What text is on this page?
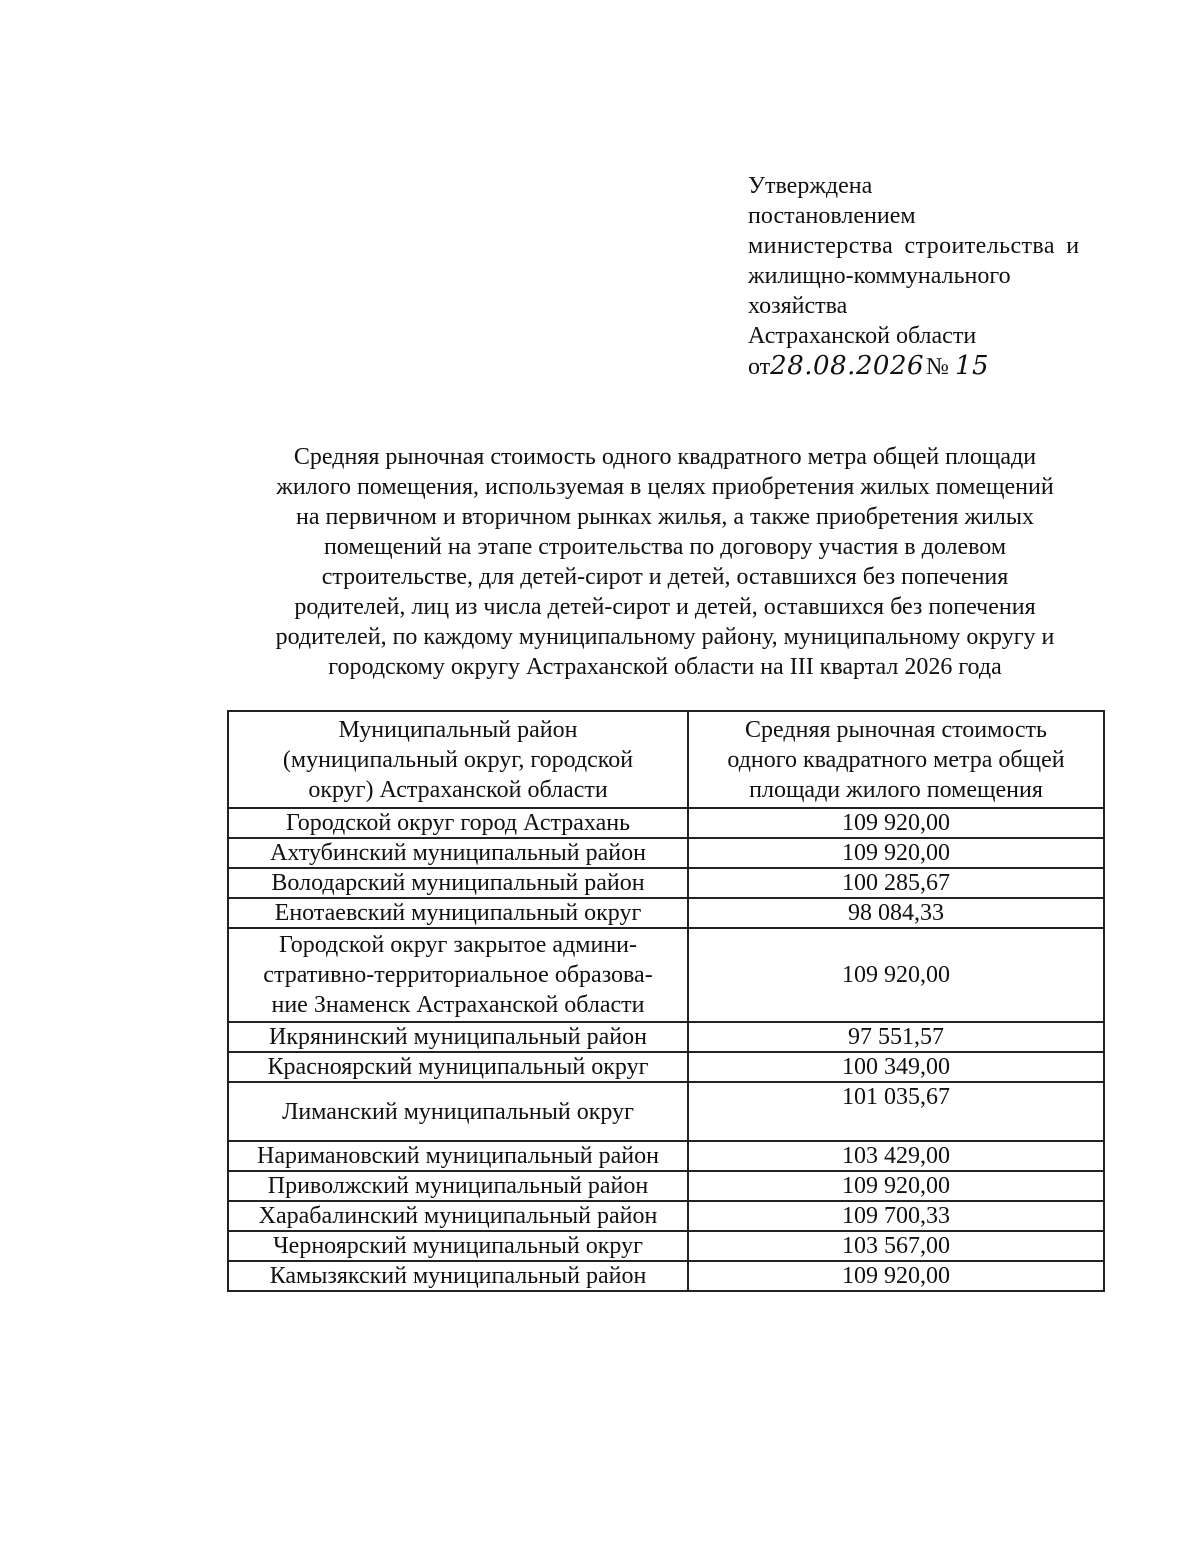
Утверждена
постановлением
министерства строительства и
жилищно-коммунального
хозяйства
Астраханской области
от28.08.2026№ 15
Средняя рыночная стоимость одного квадратного метра общей площади
жилого помещения, используемая в целях приобретения жилых помещений
на первичном и вторичном рынках жилья, а также приобретения жилых
помещений на этапе строительства по договору участия в долевом
строительстве, для детей-сирот и детей, оставшихся без попечения
родителей, лиц из числа детей-сирот и детей, оставшихся без попечения
родителей, по каждому муниципальному району, муниципальному округу и
городскому округу Астраханской области на III квартал 2026 года
Муниципальный район
(муниципальный округ, городской
округ) Астраханской области	Средняя рыночная стоимость
одного квадратного метра общей
площади жилого помещения

Городской округ город Астрахань	109 920,00
Ахтубинский муниципальный район	109 920,00
Володарский муниципальный район	100 285,67
Енотаевский муниципальный округ	98 084,33

Городской округ закрытое админи-
стративно-территориальное образова-
ние Знаменск Астраханской области	109 920,00
Икрянинский муниципальный район	97 551,57
Красноярский муниципальный округ	100 349,00
Лиманский муниципальный округ	101 035,67
Наримановский муниципальный район	103 429,00
Приволжский муниципальный район	109 920,00
Харабалинский муниципальный район	109 700,33
Черноярский муниципальный округ	103 567,00
Камызякский муниципальный район	109 920,00
